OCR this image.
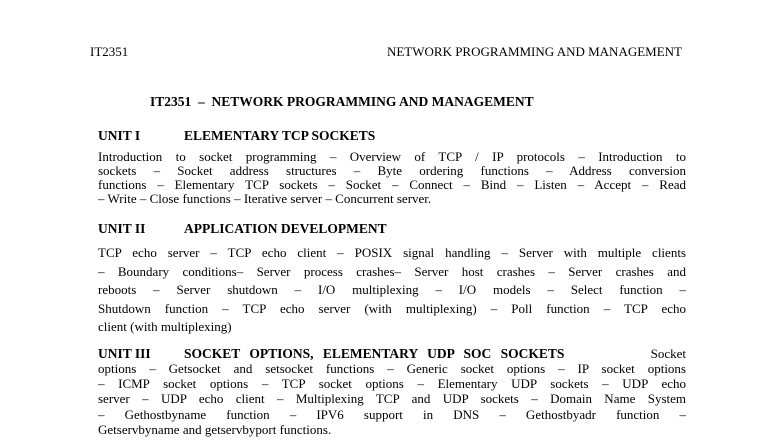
IT2351	NETWORK PROGRAMMING AND MANAGEMENT
IT2351  –  NETWORK PROGRAMMING AND MANAGEMENT
UNIT I	ELEMENTARY TCP SOCKETS
Introduction to socket programming – Overview of TCP / IP protocols – Introduction to
sockets – Socket address structures – Byte ordering functions – Address conversion
functions – Elementary TCP sockets – Socket – Connect – Bind – Listen – Accept – Read
– Write – Close functions – Iterative server – Concurrent server.
UNIT II	APPLICATION DEVELOPMENT
TCP echo server – TCP echo client – POSIX signal handling – Server with multiple clients
– Boundary conditions– Server process crashes– Server host crashes – Server crashes and
reboots – Server shutdown – I/O multiplexing – I/O models – Select function –
Shutdown function – TCP echo server (with multiplexing) – Poll function – TCP echo
client (with multiplexing)
UNIT III	SOCKET OPTIONS, ELEMENTARY UDP SOC SOCKETS	Socket
options – Getsocket and setsocket functions – Generic socket options – IP socket options
– ICMP socket options – TCP socket options – Elementary UDP sockets – UDP echo
server – UDP echo client – Multiplexing TCP and UDP sockets – Domain Name System
– Gethostbyname function – IPV6 support in DNS – Gethostbyadr function –
Getservbyname and getservbyport functions.
